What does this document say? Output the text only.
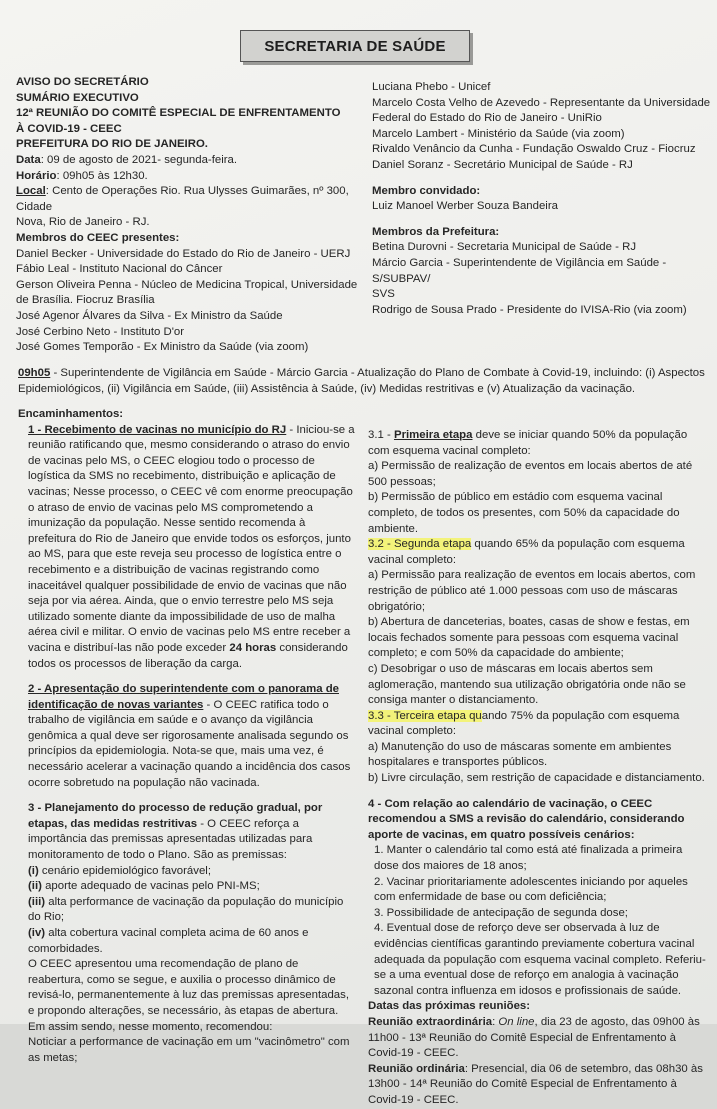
SECRETARIA DE SAÚDE
AVISO DO SECRETÁRIO
SUMÁRIO EXECUTIVO
12ª REUNIÃO DO COMITÊ ESPECIAL DE ENFRENTAMENTO
À COVID-19 - CEEC
PREFEITURA DO RIO DE JANEIRO.
Data: 09 de agosto de 2021- segunda-feira.
Horário: 09h05 às 12h30.
Local: Cento de Operações Rio. Rua Ulysses Guimarães, nº 300, Cidade
Nova, Rio de Janeiro - RJ.
Membros do CEEC presentes:
Daniel Becker - Universidade do Estado do Rio de Janeiro - UERJ
Fábio Leal - Instituto Nacional do Câncer
Gerson Oliveira Penna - Núcleo de Medicina Tropical, Universidade de Brasília. Fiocruz Brasília
José Agenor Álvares da Silva - Ex Ministro da Saúde
José Cerbino Neto - Instituto D'or
José Gomes Temporão - Ex Ministro da Saúde (via zoom)
Luciana Phebo - Unicef
Marcelo Costa Velho de Azevedo - Representante da Universidade Federal do Estado do Rio de Janeiro - UniRio
Marcelo Lambert - Ministério da Saúde (via zoom)
Rivaldo Venâncio da Cunha - Fundação Oswaldo Cruz - Fiocruz
Daniel Soranz - Secretário Municipal de Saúde - RJ
Membro convidado:
Luiz Manoel Werber Souza Bandeira
Membros da Prefeitura:
Betina Durovni - Secretaria Municipal de Saúde - RJ
Márcio Garcia - Superintendente de Vigilância em Saúde - S/SUBPAV/
SVS
Rodrigo de Sousa Prado - Presidente do IVISA-Rio (via zoom)
09h05 - Superintendente de Vigilância em Saúde - Márcio Garcia - Atualização do Plano de Combate à Covid-19, incluindo: (i) Aspectos Epidemiológicos, (ii) Vigilância em Saúde, (iii) Assistência à Saúde, (iv) Medidas restritivas e (v) Atualização da vacinação.
Encaminhamentos:
1 - Recebimento de vacinas no município do RJ - Iniciou-se a reunião ratificando que, mesmo considerando o atraso do envio de vacinas pelo MS, o CEEC elogiou todo o processo de logística da SMS no recebimento, distribuição e aplicação de vacinas; Nesse processo, o CEEC vê com enorme preocupação o atraso de envio de vacinas pelo MS comprometendo a imunização da população. Nesse sentido recomenda à prefeitura do Rio de Janeiro que envide todos os esforços, junto ao MS, para que este reveja seu processo de logística entre o recebimento e a distribuição de vacinas registrando como inaceitável qualquer possibilidade de envio de vacinas que não seja por via aérea. Ainda, que o envio terrestre pelo MS seja utilizado somente diante da impossibilidade de uso de malha aérea civil e militar. O envio de vacinas pelo MS entre receber a vacina e distribuí-las não pode exceder 24 horas considerando todos os processos de liberação da carga.
2 - Apresentação do superintendente com o panorama de identificação de novas variantes - O CEEC ratifica todo o trabalho de vigilância em saúde e o avanço da vigilância genômica a qual deve ser rigorosamente analisada segundo os princípios da epidemiologia. Nota-se que, mais uma vez, é necessário acelerar a vacinação quando a incidência dos casos ocorre sobretudo na população não vacinada.
3 - Planejamento do processo de redução gradual, por etapas, das medidas restritivas - O CEEC reforça a importância das premissas apresentadas utilizadas para monitoramento de todo o Plano. São as premissas:
(i) cenário epidemiológico favorável;
(ii) aporte adequado de vacinas pelo PNI-MS;
(iii) alta performance de vacinação da população do município do Rio;
(iv) alta cobertura vacinal completa acima de 60 anos e comorbidades.
O CEEC apresentou uma recomendação de plano de reabertura, como se segue, e auxilia o processo dinâmico de revisá-lo, permanentemente à luz das premissas apresentadas, e propondo alterações, se necessário, às etapas de abertura. Em assim sendo, nesse momento, recomendou:
Noticiar a performance de vacinação em um "vacinômetro" com as metas;
3.1 - Primeira etapa deve se iniciar quando 50% da população com esquema vacinal completo:
a) Permissão de realização de eventos em locais abertos de até 500 pessoas;
b) Permissão de público em estádio com esquema vacinal completo, de todos os presentes, com 50% da capacidade do ambiente.
3.2 - Segunda etapa quando 65% da população com esquema vacinal completo:
a) Permissão para realização de eventos em locais abertos, com restrição de público até 1.000 pessoas com uso de máscaras obrigatório;
b) Abertura de danceterias, boates, casas de show e festas, em locais fechados somente para pessoas com esquema vacinal completo; e com 50% da capacidade do ambiente;
c) Desobrigar o uso de máscaras em locais abertos sem aglomeração, mantendo sua utilização obrigatória onde não se consiga manter o distanciamento.
3.3 - Terceira etapa quando 75% da população com esquema vacinal completo:
a) Manutenção do uso de máscaras somente em ambientes hospitalares e transportes públicos.
b) Livre circulação, sem restrição de capacidade e distanciamento.
4 - Com relação ao calendário de vacinação, o CEEC recomendou a SMS a revisão do calendário, considerando aporte de vacinas, em quatro possíveis cenários:
1. Manter o calendário tal como está até finalizada a primeira dose dos maiores de 18 anos;
2. Vacinar prioritariamente adolescentes iniciando por aqueles com enfermidade de base ou com deficiência;
3. Possibilidade de antecipação de segunda dose;
4. Eventual dose de reforço deve ser observada à luz de evidências científicas garantindo previamente cobertura vacinal adequada da população com esquema vacinal completo. Referiu-se a uma eventual dose de reforço em analogia à vacinação sazonal contra influenza em idosos e profissionais de saúde.
Datas das próximas reuniões:
Reunião extraordinária: On line, dia 23 de agosto, das 09h00 às 11h00 - 13ª Reunião do Comitê Especial de Enfrentamento à Covid-19 - CEEC.
Reunião ordinária: Presencial, dia 06 de setembro, das 08h30 às 13h00 - 14ª Reunião do Comitê Especial de Enfrentamento à Covid-19 - CEEC.
